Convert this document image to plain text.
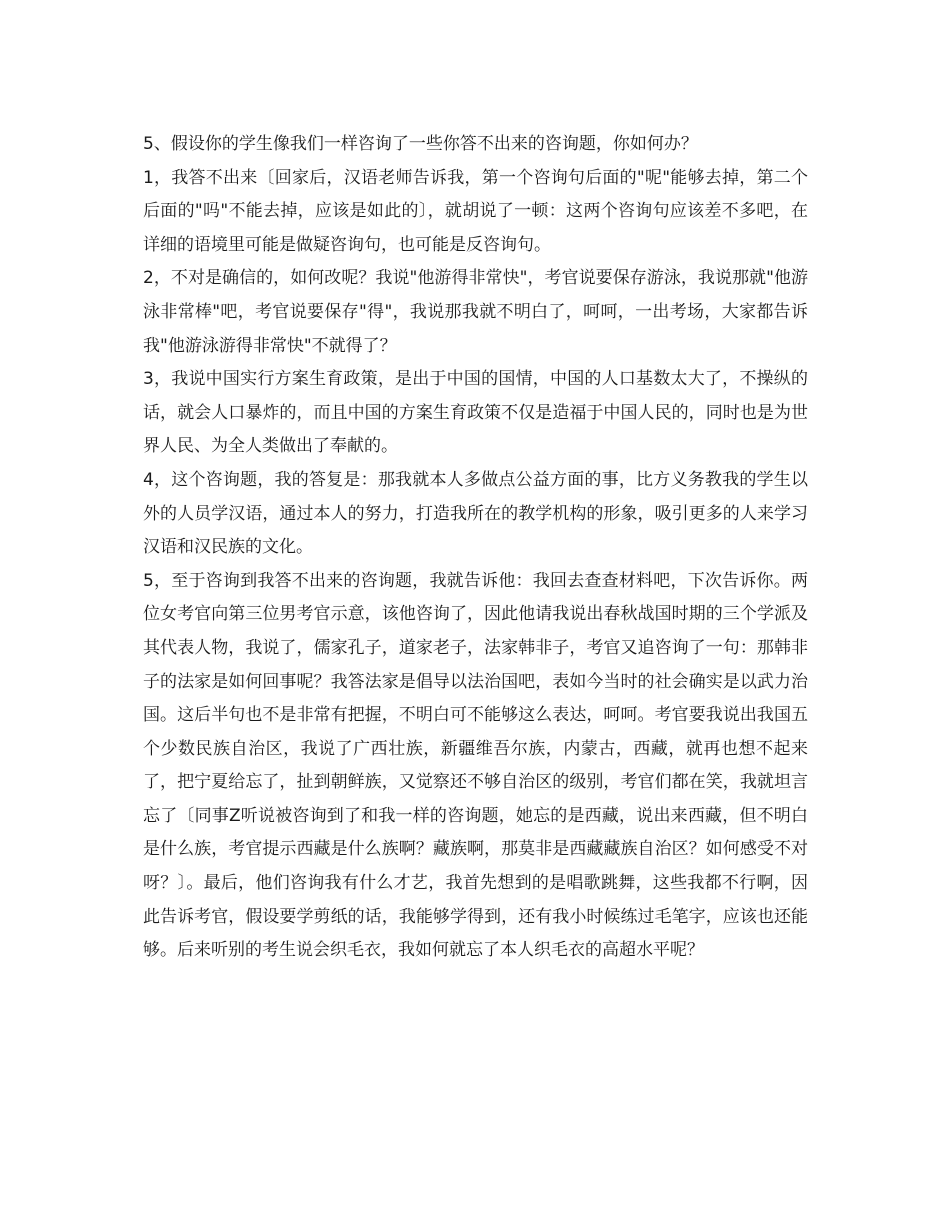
5、假设你的学生像我们一样咨询了一些你答不出来的咨询题，你如何办？

1，我答不出来〔回家后，汉语老师告诉我，第一个咨询句后面的"呢"能够去掉，第二个后面的"吗"不能去掉，应该是如此的〕，就胡说了一顿：这两个咨询句应该差不多吧，在详细的语境里可能是做疑咨询句，也可能是反咨询句。

2，不对是确信的，如何改呢？我说"他游得非常快"，考官说要保存游泳，我说那就"他游泳非常棒"吧，考官说要保存"得"，我说那我就不明白了，呵呵，一出考场，大家都告诉我"他游泳游得非常快"不就得了？

3，我说中国实行方案生育政策，是出于中国的国情，中国的人口基数太大了，不操纵的话，就会人口暴炸的，而且中国的方案生育政策不仅是造福于中国人民的，同时也是为世界人民、为全人类做出了奉献的。

4，这个咨询题，我的答复是：那我就本人多做点公益方面的事，比方义务教我的学生以外的人员学汉语，通过本人的努力，打造我所在的教学机构的形象，吸引更多的人来学习汉语和汉民族的文化。

5，至于咨询到我答不出来的咨询题，我就告诉他：我回去查查材料吧，下次告诉你。两位女考官向第三位男考官示意，该他咨询了，因此他请我说出春秋战国时期的三个学派及其代表人物，我说了，儒家孔子，道家老子，法家韩非子，考官又追咨询了一句：那韩非子的法家是如何回事呢？我答法家是倡导以法治国吧，表如今当时的社会确实是以武力治国。这后半句也不是非常有把握，不明白可不能够这么表达，呵呵。考官要我说出我国五个少数民族自治区，我说了广西壮族，新疆维吾尔族，内蒙古，西藏，就再也想不起来了，把宁夏给忘了，扯到朝鲜族，又觉察还不够自治区的级别，考官们都在笑，我就坦言忘了〔同事Z听说被咨询到了和我一样的咨询题，她忘的是西藏，说出来西藏，但不明白是什么族，考官提示西藏是什么族啊？藏族啊，那莫非是西藏藏族自治区？如何感受不对呀？〕。最后，他们咨询我有什么才艺，我首先想到的是唱歌跳舞，这些我都不行啊，因此告诉考官，假设要学剪纸的话，我能够学得到，还有我小时候练过毛笔字，应该也还能够。后来听别的考生说会织毛衣，我如何就忘了本人织毛衣的高超水平呢？
